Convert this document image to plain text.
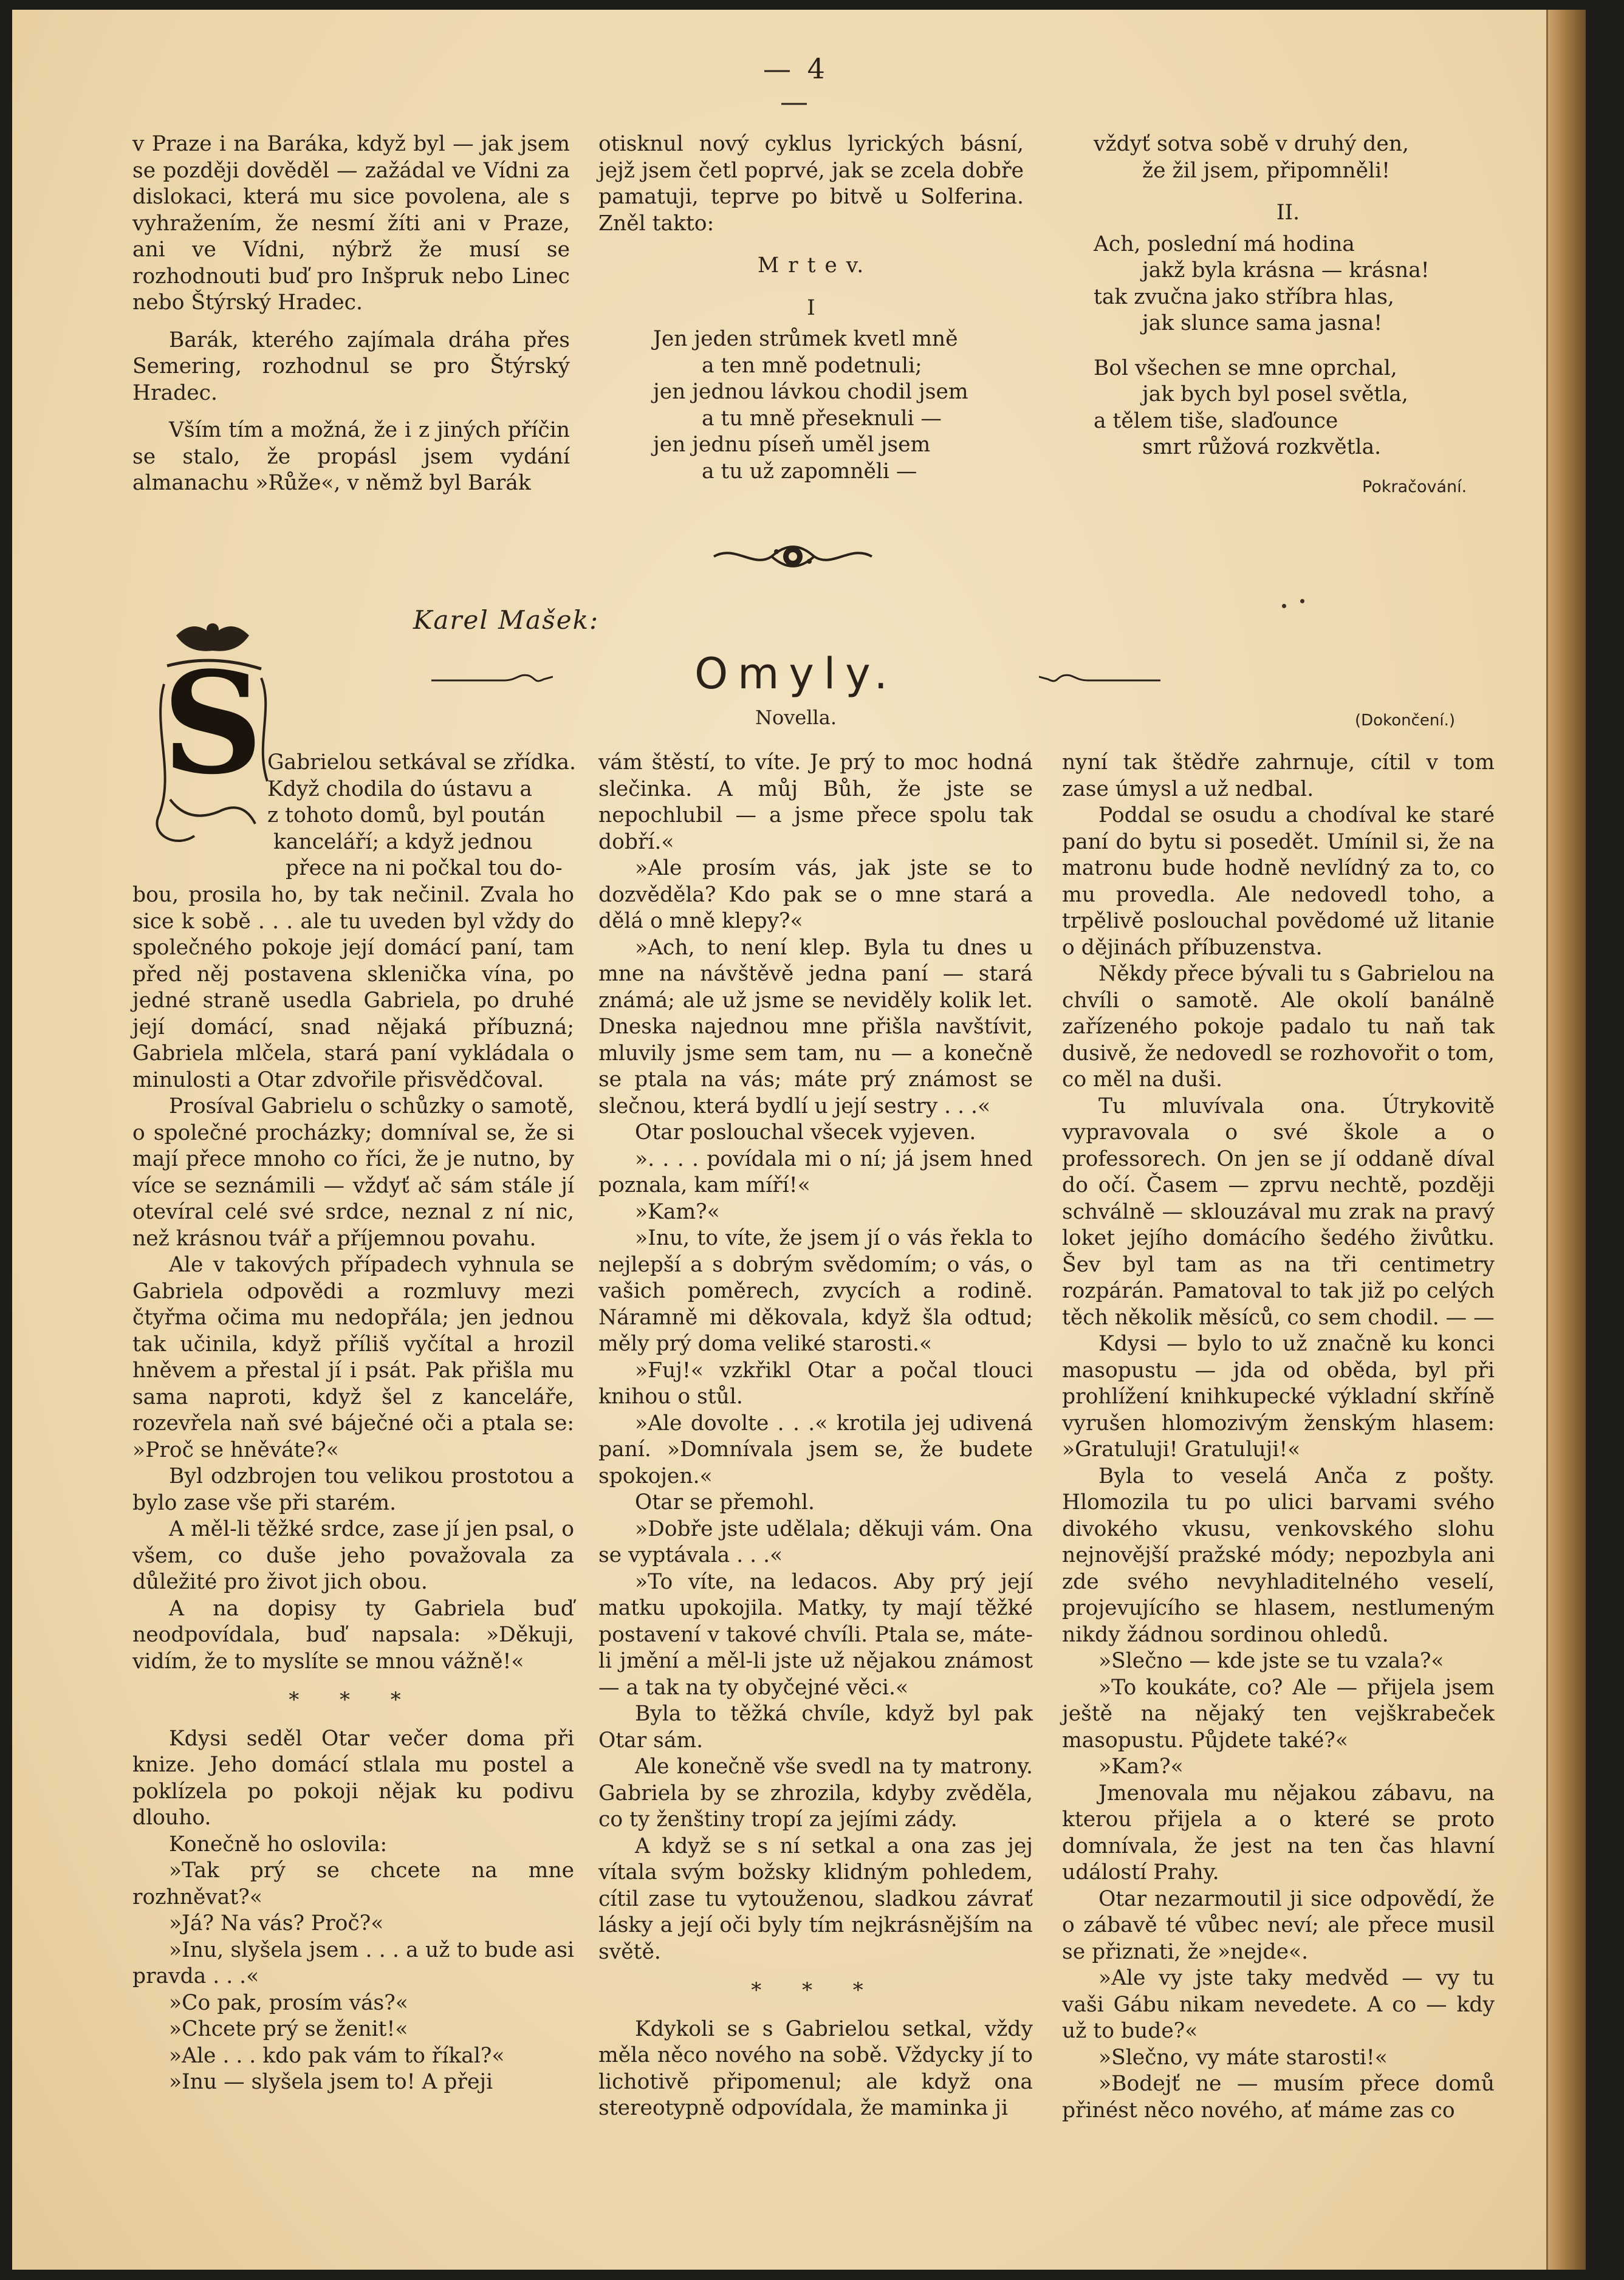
— 4 —

v Praze i na Baráka, když byl — jak jsem se později dověděl — zažádal ve Vídni za dislokaci, která mu sice povolena, ale s vyhražením, že nesmí žíti ani v Praze, ani ve Vídni, nýbrž že musí se rozhodnouti buď pro Inšpruk nebo Linec nebo Štýrský Hradec.

Barák, kterého zajímala dráha přes Semering, rozhodnul se pro Štýrský Hradec.

Vším tím a možná, že i z jiných příčin se stalo, že propásl jsem vydání almanachu »Růže«, v němž byl Barák

otisknul nový cyklus lyrických básní, jejž jsem četl poprvé, jak se zcela dobře pamatuji, teprve po bitvě u Solferina. Zněl takto:

M r t e v.
I
Jen jeden strůmek kvetl mně
a ten mně podetnuli;
jen jednou lávkou chodil jsem
a tu mně přeseknuli —
jen jednu píseň uměl jsem
a tu už zapomněli —
vždyť sotva sobě v druhý den,
že žil jsem, připomněli!
II.
Ach, poslední má hodina
jakž byla krásna — krásna!
tak zvučna jako stříbra hlas,
jak slunce sama jasna!
Bol všechen se mne oprchal,
jak bych byl posel světla,
a tělem tiše, slaďounce
smrt růžová rozkvětla.
Pokračování.
Karel Mašek:
Omyly.
Novella.	(Dokončení.)
S Gabrielou setkával se zřídka.
Když chodila do ústavu a
z tohoto domů, byl poután
kanceláří; a když jednou
přece na ni počkal tou do-

bou, prosila ho, by tak nečinil. Zvala ho sice k sobě . . . ale tu uveden byl vždy do společného pokoje její domácí paní, tam před něj postavena sklenička vína, po jedné straně usedla Gabriela, po druhé její domácí, snad nějaká příbuzná; Gabriela mlčela, stará paní vykládala o minulosti a Otar zdvořile přisvědčoval.

Prosíval Gabrielu o schůzky o samotě, o společné procházky; domníval se, že si mají přece mnoho co říci, že je nutno, by více se seznámili — vždyť ač sám stále jí otevíral celé své srdce, neznal z ní nic, než krásnou tvář a příjemnou povahu.

Ale v takových případech vyhnula se Gabriela odpovědi a rozmluvy mezi čtyřma očima mu nedopřála; jen jednou tak učinila, když příliš vyčítal a hrozil hněvem a přestal jí i psát. Pak přišla mu sama naproti, když šel z kanceláře, rozevřela naň své báječné oči a ptala se: »Proč se hněváte?«

Byl odzbrojen tou velikou prostotou a bylo zase vše při starém.

A měl-li těžké srdce, zase jí jen psal, o všem, co duše jeho považovala za důležité pro život jich obou.

A na dopisy ty Gabriela buď neodpovídala, buď napsala: »Děkuji, vidím, že to myslíte se mnou vážně!«

* * *

Kdysi seděl Otar večer doma při knize. Jeho domácí stlala mu postel a poklízela po pokoji nějak ku podivu dlouho.

Konečně ho oslovila:

»Tak prý se chcete na mne rozhněvat?«

»Já? Na vás? Proč?«

»Inu, slyšela jsem . . . a už to bude asi pravda . . .«

»Co pak, prosím vás?«

»Chcete prý se ženit!«

»Ale . . . kdo pak vám to říkal?«

»Inu — slyšela jsem to! A přeji

vám štěstí, to víte. Je prý to moc hodná slečinka. A můj Bůh, že jste se nepochlubil — a jsme přece spolu tak dobří.«

»Ale prosím vás, jak jste se to dozvěděla? Kdo pak se o mne stará a dělá o mně klepy?«

»Ach, to není klep. Byla tu dnes u mne na návštěvě jedna paní — stará známá; ale už jsme se neviděly kolik let. Dneska najednou mne přišla navštívit, mluvily jsme sem tam, nu — a konečně se ptala na vás; máte prý známost se slečnou, která bydlí u její sestry . . .«

Otar poslouchal všecek vyjeven.

». . . . povídala mi o ní; já jsem hned poznala, kam míří!«

»Kam?«

»Inu, to víte, že jsem jí o vás řekla to nejlepší a s dobrým svědomím; o vás, o vašich poměrech, zvycích a rodině. Náramně mi děkovala, když šla odtud; měly prý doma veliké starosti.«

»Fuj!« vzkřikl Otar a počal tlouci knihou o stůl.

»Ale dovolte . . .« krotila jej udivená paní. »Domnívala jsem se, že budete spokojen.«

Otar se přemohl.

»Dobře jste udělala; děkuji vám. Ona se vyptávala . . .«

»To víte, na ledacos. Aby prý její matku upokojila. Matky, ty mají těžké postavení v takové chvíli. Ptala se, máte-li jmění a měl-li jste už nějakou známost — a tak na ty obyčejné věci.«

Byla to těžká chvíle, když byl pak Otar sám.

Ale konečně vše svedl na ty matrony. Gabriela by se zhrozila, kdyby zvěděla, co ty ženštiny tropí za jejími zády.

A když se s ní setkal a ona zas jej vítala svým božsky klidným pohledem, cítil zase tu vytouženou, sladkou závrať lásky a její oči byly tím nejkrásnějším na světě.

* * *

Kdykoli se s Gabrielou setkal, vždy měla něco nového na sobě. Vždycky jí to lichotivě připomenul; ale když ona stereotypně odpovídala, že maminka ji

nyní tak štědře zahrnuje, cítil v tom zase úmysl a už nedbal.

Poddal se osudu a chodíval ke staré paní do bytu si posedět. Umínil si, že na matronu bude hodně nevlídný za to, co mu provedla. Ale nedovedl toho, a trpělivě poslouchal povědomé už litanie o dějinách příbuzenstva.

Někdy přece bývali tu s Gabrielou na chvíli o samotě. Ale okolí banálně zařízeného pokoje padalo tu naň tak dusivě, že nedovedl se rozhovořit o tom, co měl na duši.

Tu mluvívala ona. Útrykovitě vypravovala o své škole a o professorech. On jen se jí oddaně díval do očí. Časem — zprvu nechtě, později schválně — sklouzával mu zrak na pravý loket jejího domácího šedého živůtku. Šev byl tam as na tři centimetry rozpárán. Pamatoval to tak již po celých těch několik měsíců, co sem chodil. — —

Kdysi — bylo to už značně ku konci masopustu — jda od oběda, byl při prohlížení knihkupecké výkladní skříně vyrušen hlomozivým ženským hlasem: »Gratuluji! Gratuluji!«

Byla to veselá Anča z pošty. Hlomozila tu po ulici barvami svého divokého vkusu, venkovského slohu nejnovější pražské módy; nepozbyla ani zde svého nevyhladitelného veselí, projevujícího se hlasem, nestlumeným nikdy žádnou sordinou ohledů.

»Slečno — kde jste se tu vzala?«

»To koukáte, co? Ale — přijela jsem ještě na nějaký ten vejškrabeček masopustu. Půjdete také?«

»Kam?«

Jmenovala mu nějakou zábavu, na kterou přijela a o které se proto domnívala, že jest na ten čas hlavní událostí Prahy.

Otar nezarmoutil ji sice odpovědí, že o zábavě té vůbec neví; ale přece musil se přiznati, že »nejde«.

»Ale vy jste taky medvěd — vy tu vaši Gábu nikam nevedete. A co — kdy už to bude?«

»Slečno, vy máte starosti!«

»Bodejť ne — musím přece domů přinést něco nového, ať máme zas co
